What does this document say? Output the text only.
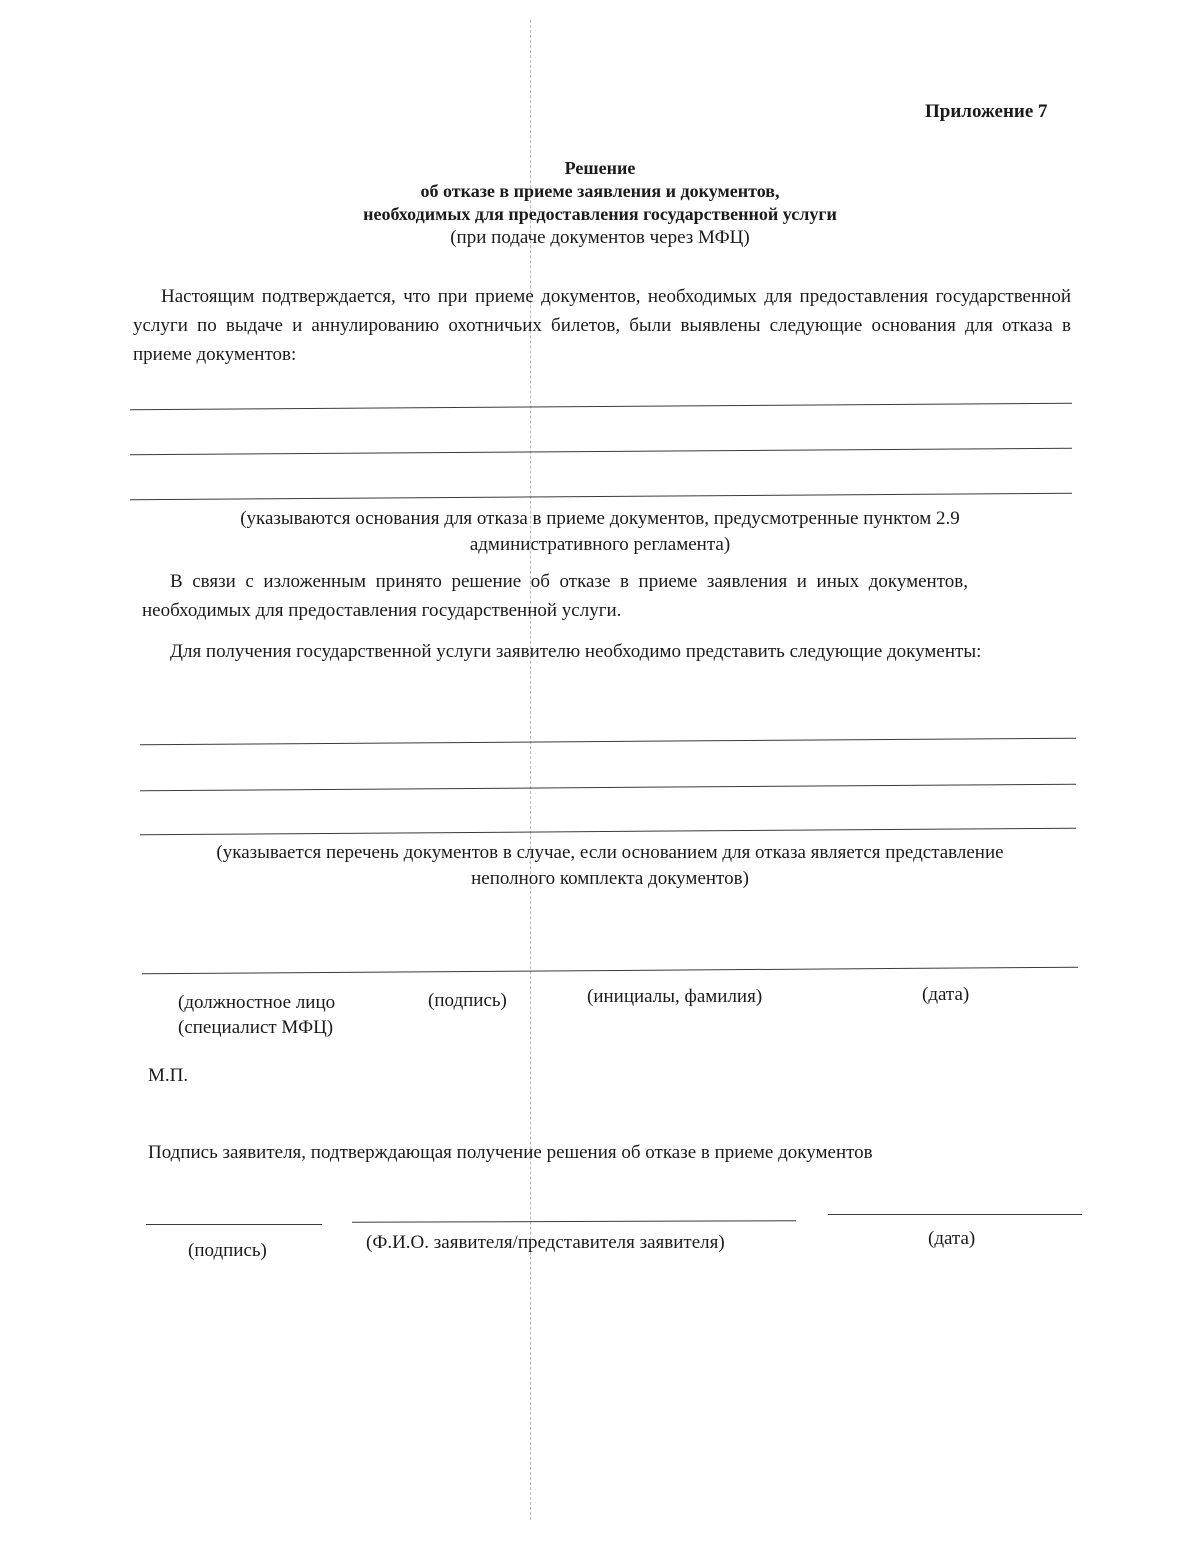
Приложение 7
Решение
об отказе в приеме заявления и документов,
необходимых для предоставления государственной услуги
(при подаче документов через МФЦ)
Настоящим подтверждается, что при приеме документов, необходимых для предоставления государственной услуги по выдаче и аннулированию охотничьих билетов, были выявлены следующие основания для отказа в приеме документов:
(указываются основания для отказа в приеме документов, предусмотренные пунктом 2.9
административного регламента)
В связи с изложенным принято решение об отказе в приеме заявления и иных документов, необходимых для предоставления государственной услуги.
Для получения государственной услуги заявителю необходимо представить следующие документы:
(указывается перечень документов в случае, если основанием для отказа является представление
неполного комплекта документов)
(должностное лицо
(специалист МФЦ)
(подпись)	(инициалы, фамилия)	(дата)
М.П.
Подпись заявителя, подтверждающая получение решения об отказе в приеме документов
(подпись)	(Ф.И.О. заявителя/представителя заявителя)	(дата)
